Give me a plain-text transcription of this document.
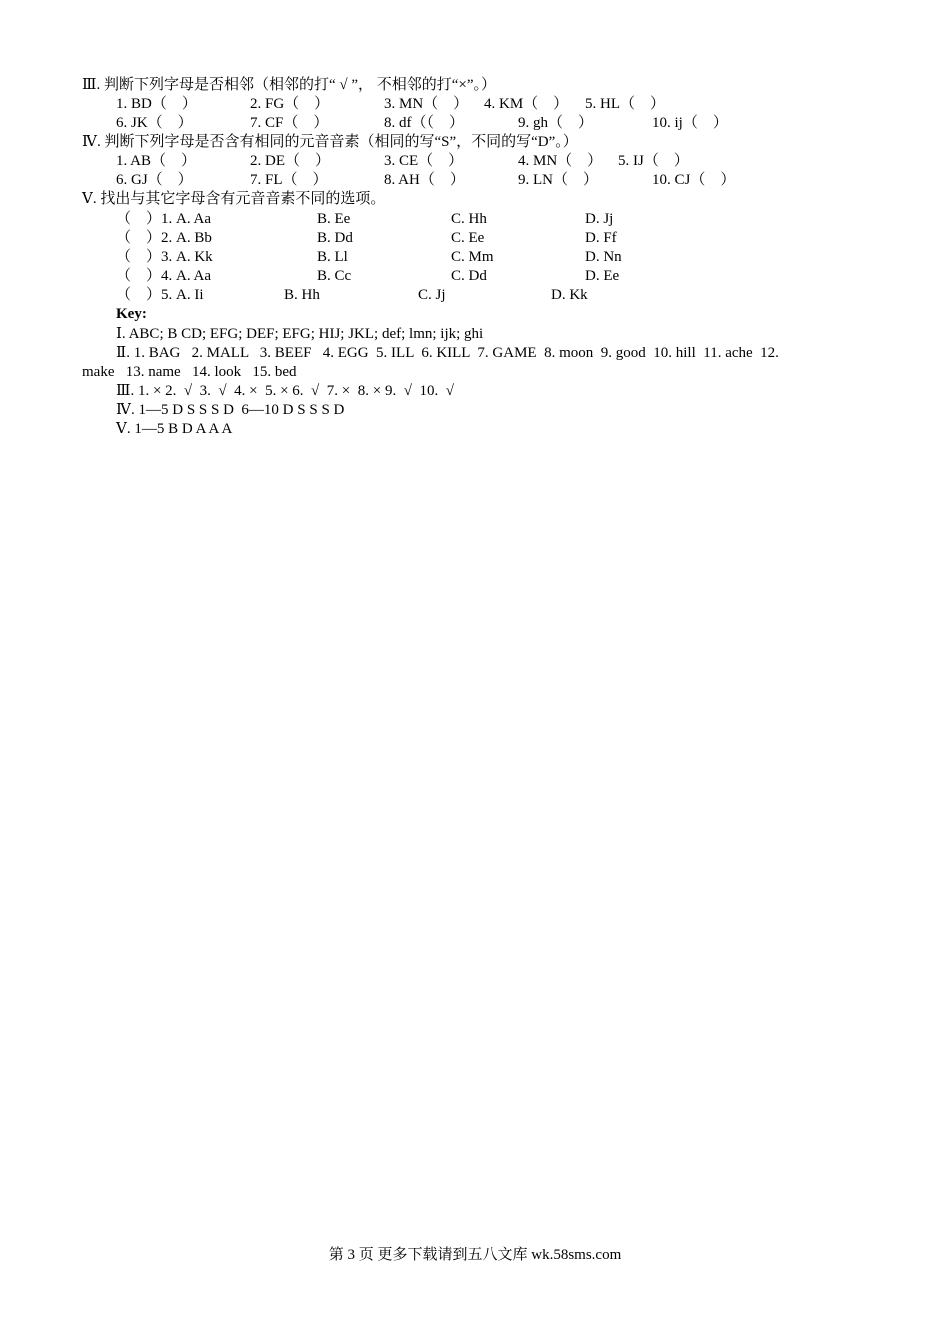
Ⅲ. 判断下列字母是否相邻（相邻的打“ √ ”， 不相邻的打“×”。）
1. BD（    ）	2. FG（    ）	3. MN（    ） 4. KM（    ） 5. HL（    ）
6. JK（    ）	7. CF（    ）	8. df（（    ）	9. gh（    ）	10. ij（    ）
Ⅳ. 判断下列字母是否含有相同的元音音素（相同的写“S”，不同的写“D”。）
1. AB（    ）	2. DE（    ）	3. CE（    ）	4. MN（    ） 5. IJ（    ）
6. GJ（    ）	7. FL（    ）	8. AH（    ）	9. LN（    ）	10. CJ（    ）
Ⅴ. 找出与其它字母含有元音音素不同的选项。
（    ）1. A. Aa	B. Ee	C. Hh	D. Jj
（    ）2. A. Bb	B. Dd	C. Ee	D. Ff
（    ）3. A. Kk	B. Ll	C. Mm	D. Nn
（    ）4. A. Aa	B. Cc	C. Dd	D. Ee
（    ）5. A. Ii	B. Hh	C. Jj	D. Kk
Key:
Ⅰ. ABC; B CD; EFG; DEF; EFG; HIJ; JKL; def; lmn; ijk; ghi
Ⅱ. 1. BAG   2. MALL   3. BEEF   4. EGG  5. ILL  6. KILL  7. GAME  8. moon  9. good  10. hill  11. ache  12.
make   13. name   14. look   15. bed
Ⅲ. 1. × 2.  √  3.  √  4. ×  5. × 6.  √  7. ×  8. × 9.  √  10.  √
Ⅳ. 1—5 D S S S D  6—10 D S S S D
Ⅴ. 1—5 B D A A A
第 3 页 更多下载请到五八文库 wk.58sms.com
